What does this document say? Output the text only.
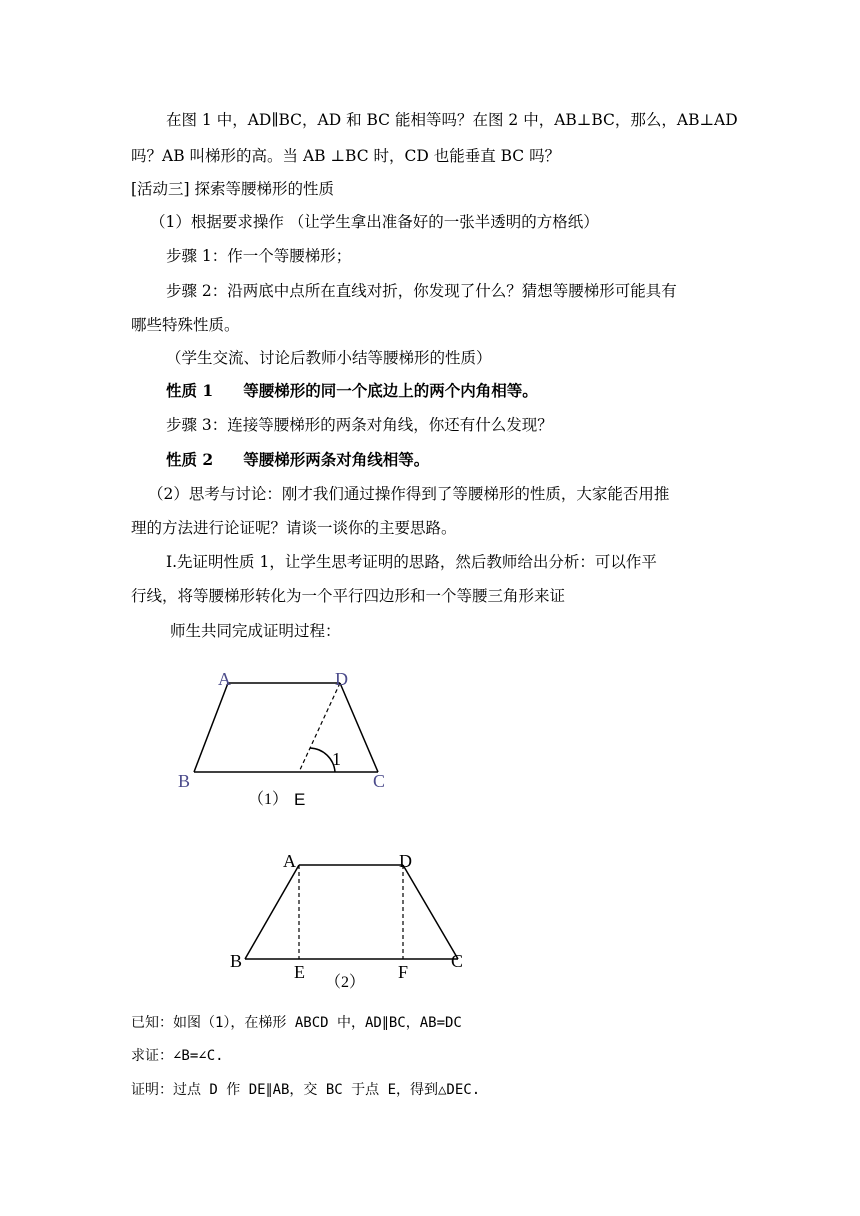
在图 1 中，AD∥BC，AD 和 BC 能相等吗？在图 2 中，AB⊥BC，那么，AB⊥AD
吗？AB 叫梯形的高。当 AB ⊥BC 时，CD 也能垂直 BC 吗？
[活动三] 探索等腰梯形的性质
（1）根据要求操作 （让学生拿出准备好的一张半透明的方格纸）
步骤 1：作一个等腰梯形；
步骤 2：沿两底中点所在直线对折，你发现了什么？猜想等腰梯形可能具有
哪些特殊性质。
（学生交流、讨论后教师小结等腰梯形的性质）
性质 1 等腰梯形的同一个底边上的两个内角相等。
步骤 3：连接等腰梯形的两条对角线，你还有什么发现？
性质 2 等腰梯形两条对角线相等。
（2）思考与讨论：刚才我们通过操作得到了等腰梯形的性质，大家能否用推
理的方法进行论证呢？请谈一谈你的主要思路。
Ⅰ.先证明性质 1，让学生思考证明的思路，然后教师给出分析：可以作平
行线，将等腰梯形转化为一个平行四边形和一个等腰三角形来证
师生共同完成证明过程：
A	D
B	C
1
（1） E
A	D
B	C
E	F
（2）
已知：如图（1），在梯形 ABCD 中，AD∥BC，AB=DC
求证：∠B=∠C.
证明：过点 D 作 DE∥AB，交 BC 于点 E，得到△DEC.
